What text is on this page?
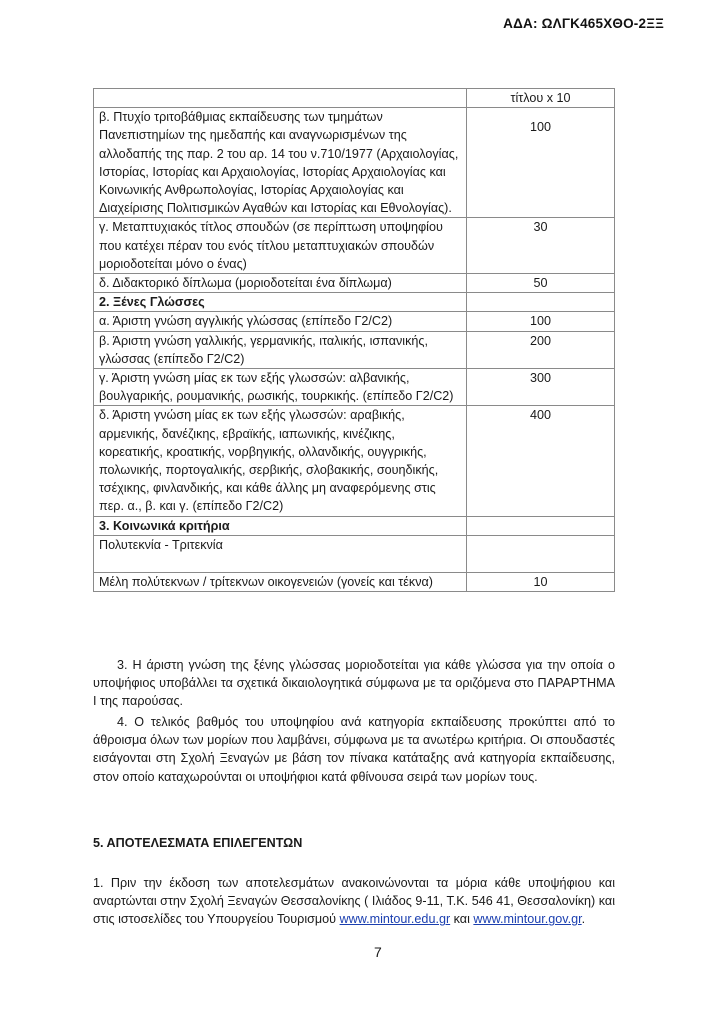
ΑΔΑ: ΩΛΓΚ465ΧΘΟ-2ΞΞ
	τίτλου x 10
β. Πτυχίο τριτοβάθμιας εκπαίδευσης των τμημάτων Πανεπιστημίων της ημεδαπής και αναγνωρισμένων της αλλοδαπής της παρ. 2 του αρ. 14 του ν.710/1977 (Αρχαιολογίας, Ιστορίας, Ιστορίας και Αρχαιολογίας, Ιστορίας Αρχαιολογίας και Κοινωνικής Ανθρωπολογίας, Ιστορίας Αρχαιολογίας και Διαχείρισης Πολιτισμικών Αγαθών και Ιστορίας και Εθνολογίας).	100
γ. Μεταπτυχιακός τίτλος σπουδών (σε περίπτωση υποψηφίου που κατέχει πέραν του ενός τίτλου μεταπτυχιακών σπουδών μοριοδοτείται μόνο ο ένας)	30
δ. Διδακτορικό δίπλωμα (μοριοδοτείται ένα δίπλωμα)	50
2. Ξένες Γλώσσες	
α. Άριστη γνώση αγγλικής γλώσσας (επίπεδο Γ2/C2)	100
β. Άριστη γνώση γαλλικής, γερμανικής, ιταλικής, ισπανικής, γλώσσας (επίπεδο Γ2/C2)	200
γ. Άριστη γνώση μίας εκ των εξής γλωσσών: αλβανικής, βουλγαρικής, ρουμανικής, ρωσικής, τουρκικής. (επίπεδο Γ2/C2)	300
δ. Άριστη γνώση μίας εκ των εξής γλωσσών: αραβικής, αρμενικής, δανέζικης, εβραϊκής, ιαπωνικής, κινέζικης, κορεατικής, κροατικής, νορβηγικής, ολλανδικής, ουγγρικής, πολωνικής, πορτογαλικής, σερβικής, σλοβακικής, σουηδικής, τσέχικης, φινλανδικής, και κάθε άλλης μη αναφερόμενης στις περ. α., β. και γ. (επίπεδο Γ2/C2)	400
3. Κοινωνικά κριτήρια	
Πολυτεκνία - Τριτεκνία	
Μέλη πολύτεκνων / τρίτεκνων οικογενειών (γονείς και τέκνα)	10

3. Η άριστη γνώση της ξένης γλώσσας μοριοδοτείται για κάθε γλώσσα για την οποία ο υποψήφιος υποβάλλει τα σχετικά δικαιολογητικά σύμφωνα με τα οριζόμενα στο ΠΑΡΑΡΤΗΜΑ Ι της παρούσας.

4. Ο τελικός βαθμός του υποψηφίου ανά κατηγορία εκπαίδευσης προκύπτει από το άθροισμα όλων των μορίων που λαμβάνει, σύμφωνα με τα ανωτέρω κριτήρια. Οι σπουδαστές εισάγονται στη Σχολή Ξεναγών με βάση τον πίνακα κατάταξης ανά κατηγορία εκπαίδευσης, στον οποίο καταχωρούνται οι υποψήφιοι κατά φθίνουσα σειρά των μορίων τους.

5. ΑΠΟΤΕΛΕΣΜΑΤΑ ΕΠΙΛΕΓΕΝΤΩΝ

1. Πριν την έκδοση των αποτελεσμάτων ανακοινώνονται τα μόρια κάθε υποψήφιου και αναρτώνται στην Σχολή Ξεναγών Θεσσαλονίκης ( Ιλιάδος 9-11, Τ.Κ. 546 41, Θεσσαλονίκη) και στις ιστοσελίδες του Υπουργείου Τουρισμού www.mintour.edu.gr και www.mintour.gov.gr.

7
